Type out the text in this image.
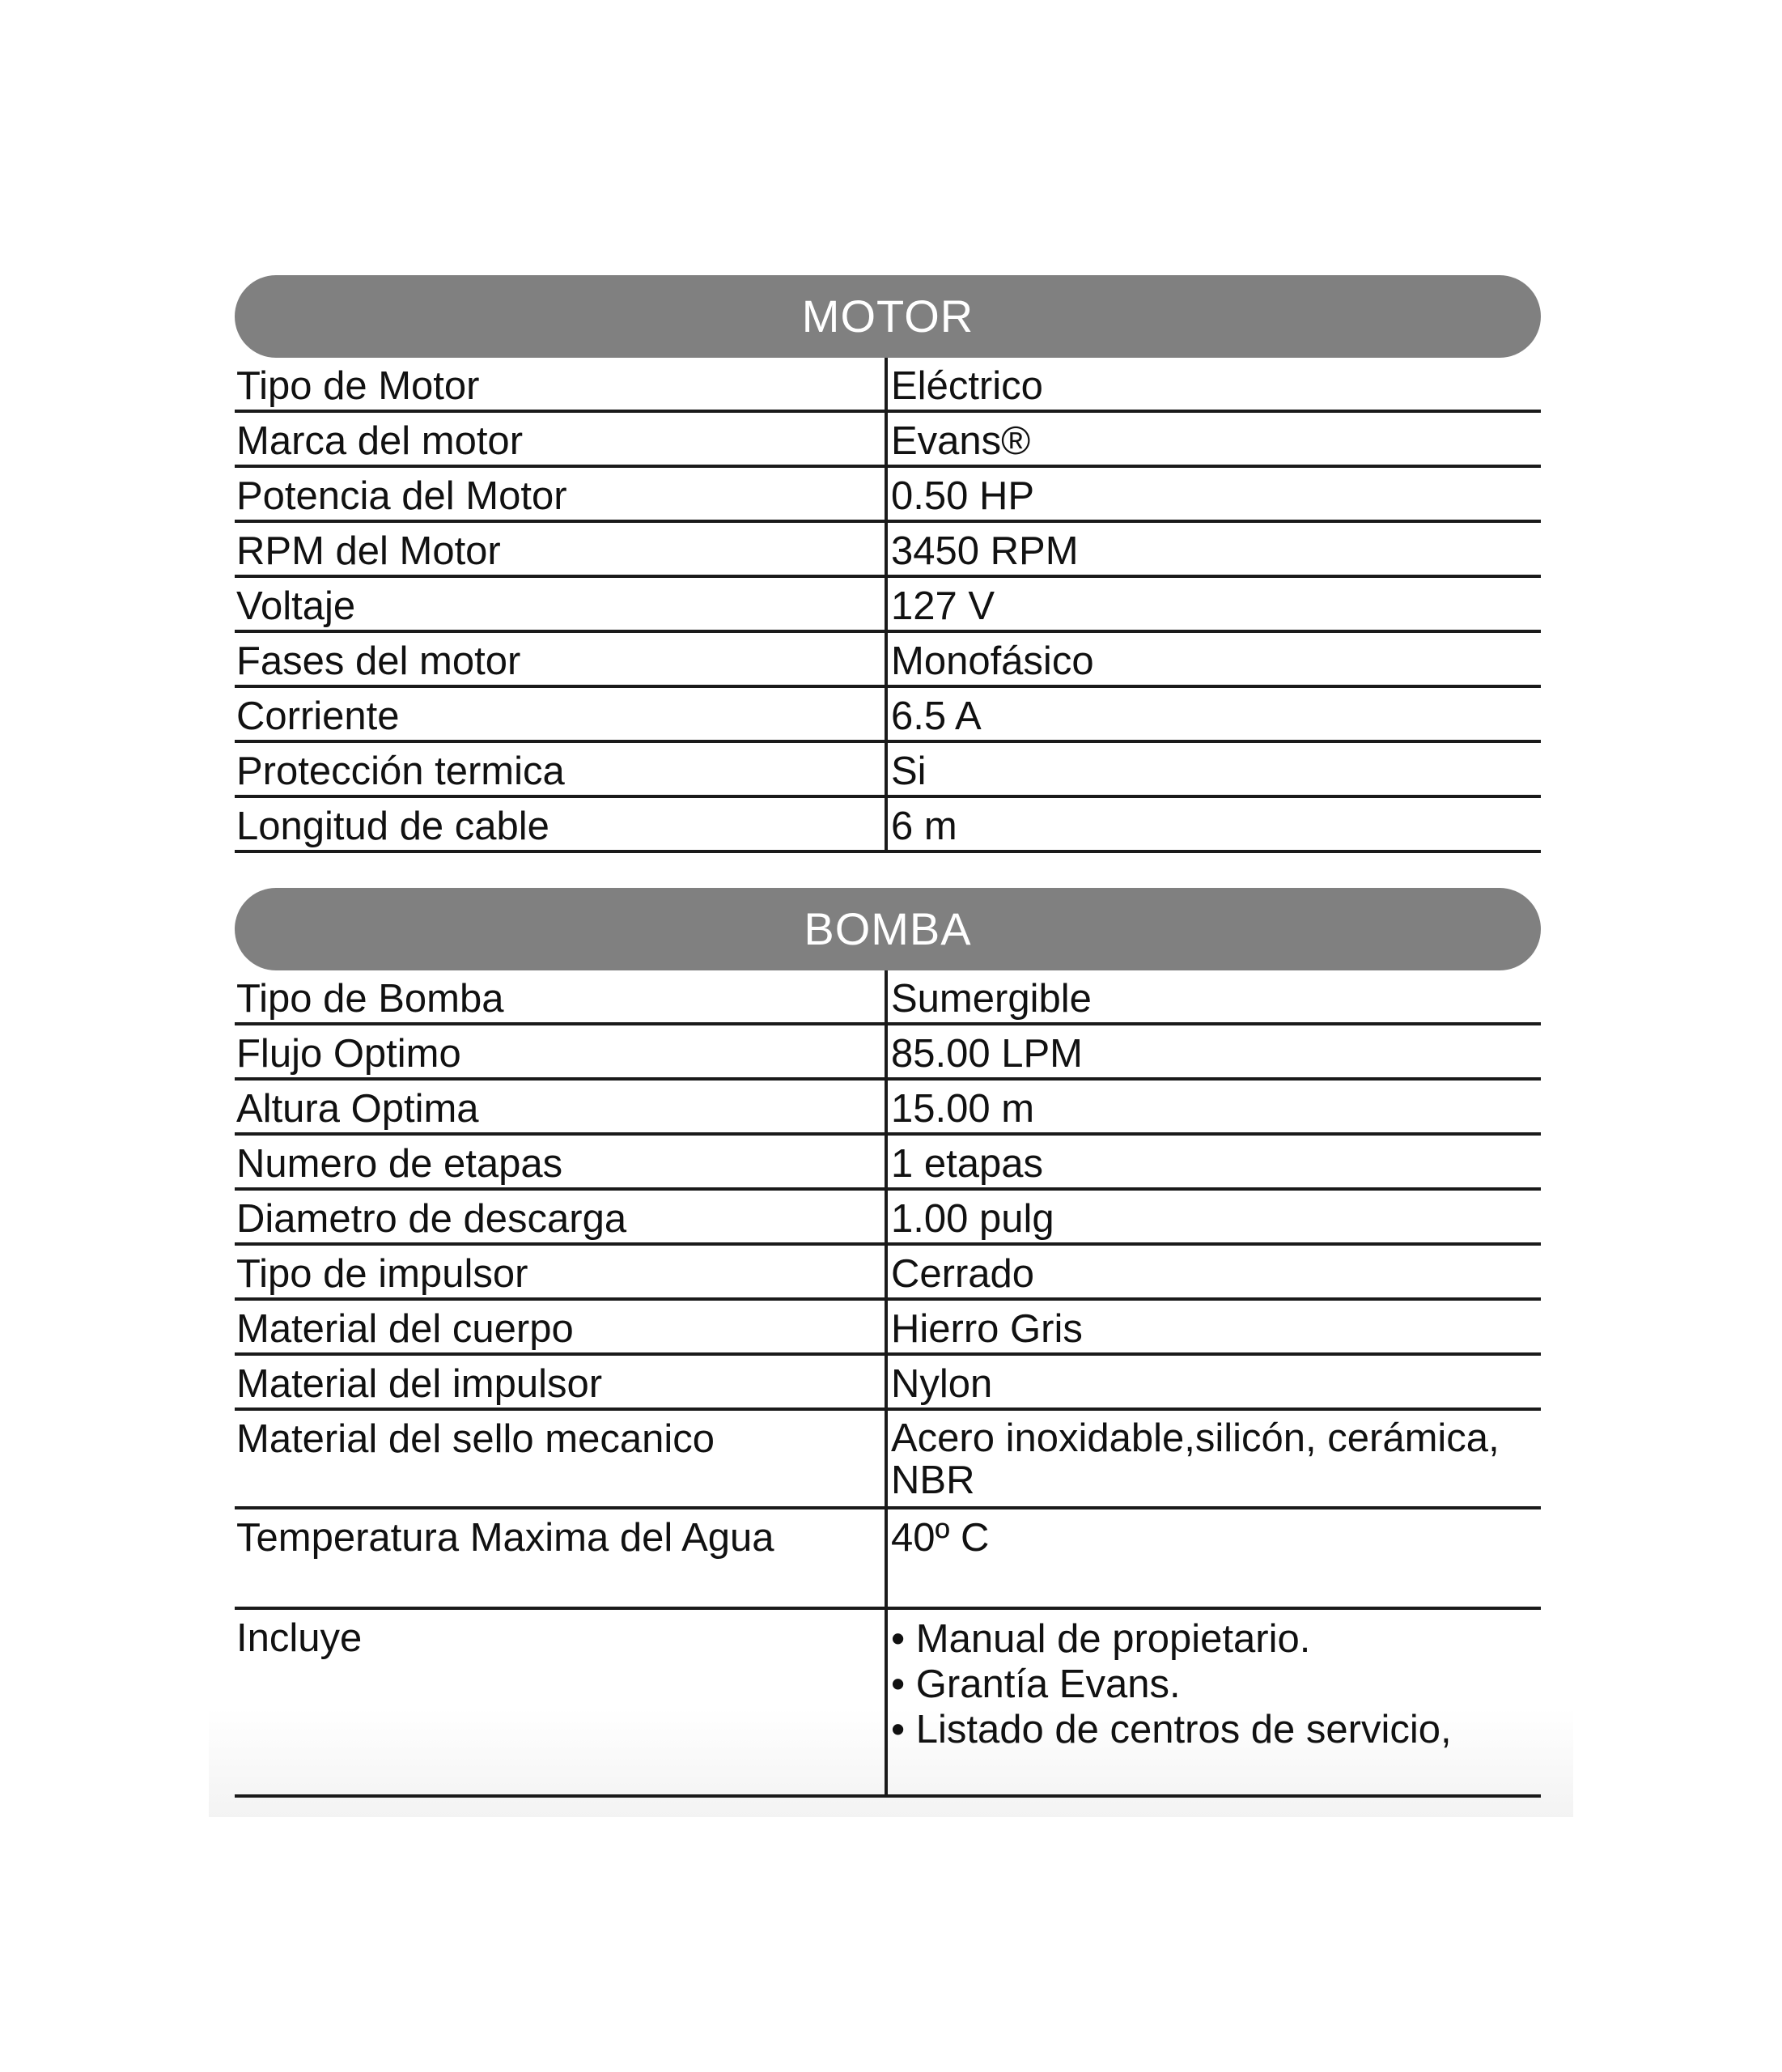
MOTOR
Tipo de Motor	Eléctrico
Marca del motor	Evans®
Potencia del Motor	0.50 HP
RPM del Motor	3450 RPM
Voltaje	127 V
Fases del motor	Monofásico
Corriente	6.5 A
Protección termica	Si
Longitud de cable	6 m
BOMBA
Tipo de Bomba	Sumergible
Flujo Optimo	85.00 LPM
Altura Optima	15.00 m
Numero de etapas	1 etapas
Diametro de descarga	1.00 pulg
Tipo de impulsor	Cerrado
Material del cuerpo	Hierro Gris
Material del impulsor	Nylon
Material del sello mecanico	Acero inoxidable,silicón, cerámica,
NBR
Temperatura Maxima del Agua	40º C
Incluye	• Manual de propietario.
• Grantía Evans.
• Listado de centros de servicio,
